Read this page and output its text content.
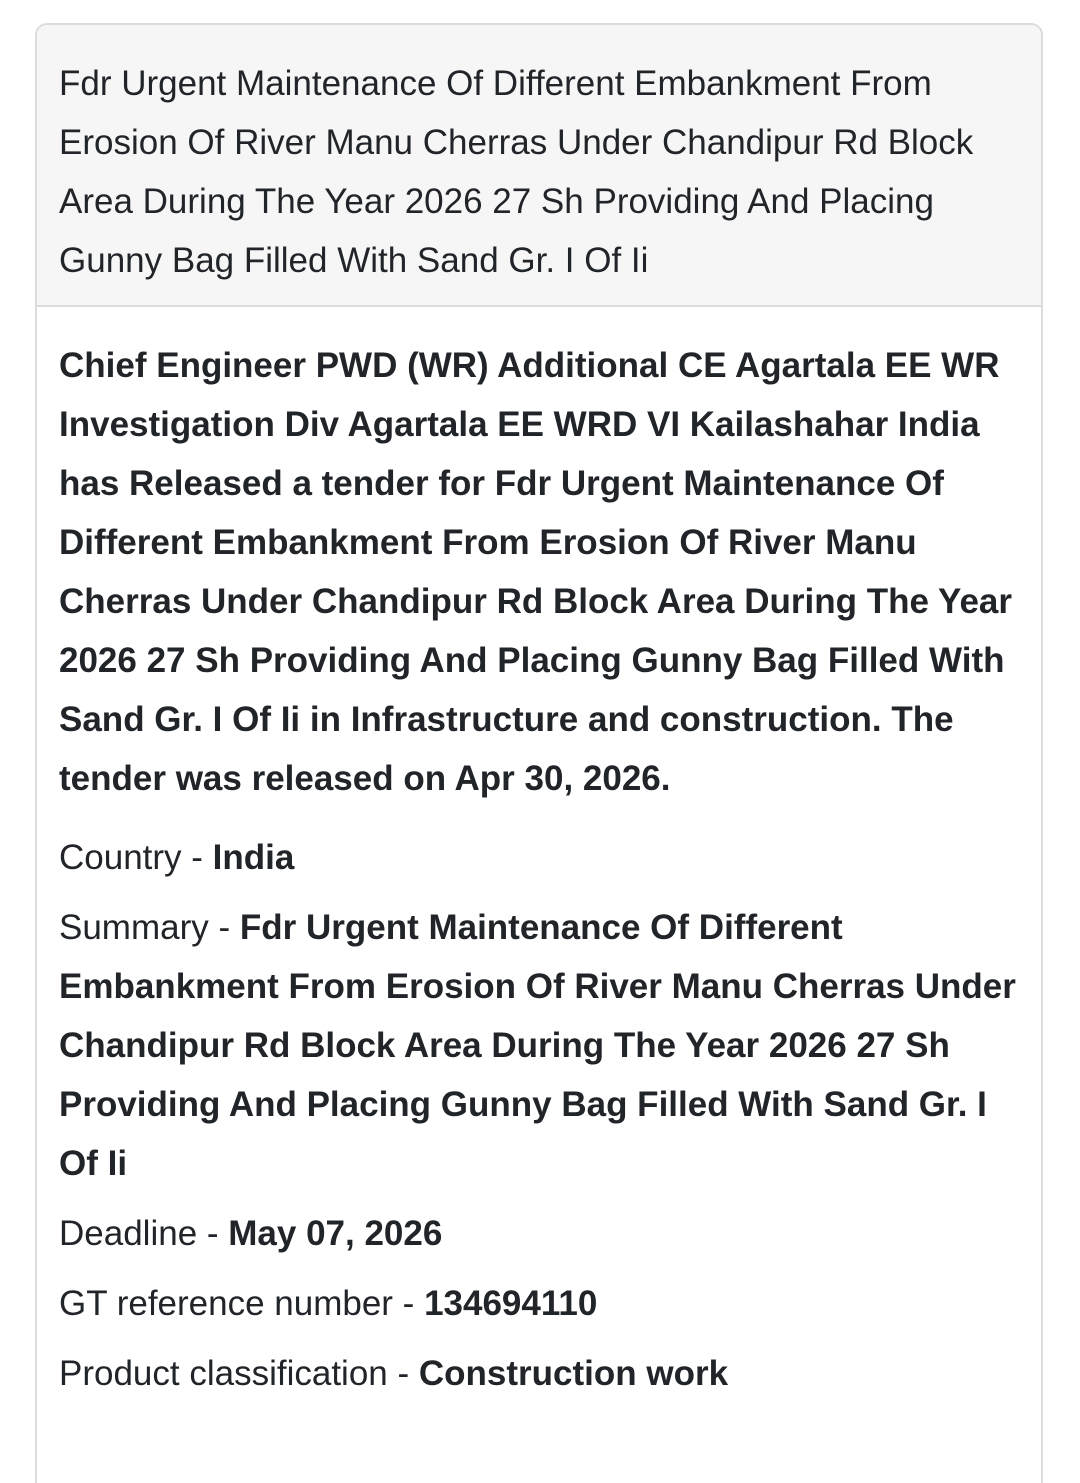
Fdr Urgent Maintenance Of Different Embankment From Erosion Of River Manu Cherras Under Chandipur Rd Block Area During The Year 2026 27 Sh Providing And Placing Gunny Bag Filled With Sand Gr. I Of Ii

Chief Engineer PWD (WR) Additional CE Agartala EE WR Investigation Div Agartala EE WRD VI Kailashahar India has Released a tender for Fdr Urgent Maintenance Of Different Embankment From Erosion Of River Manu Cherras Under Chandipur Rd Block Area During The Year 2026 27 Sh Providing And Placing Gunny Bag Filled With Sand Gr. I Of Ii in Infrastructure and construction. The tender was released on Apr 30, 2026.

Country - India

Summary - Fdr Urgent Maintenance Of Different Embankment From Erosion Of River Manu Cherras Under Chandipur Rd Block Area During The Year 2026 27 Sh Providing And Placing Gunny Bag Filled With Sand Gr. I Of Ii

Deadline - May 07, 2026

GT reference number - 134694110

Product classification - Construction work
